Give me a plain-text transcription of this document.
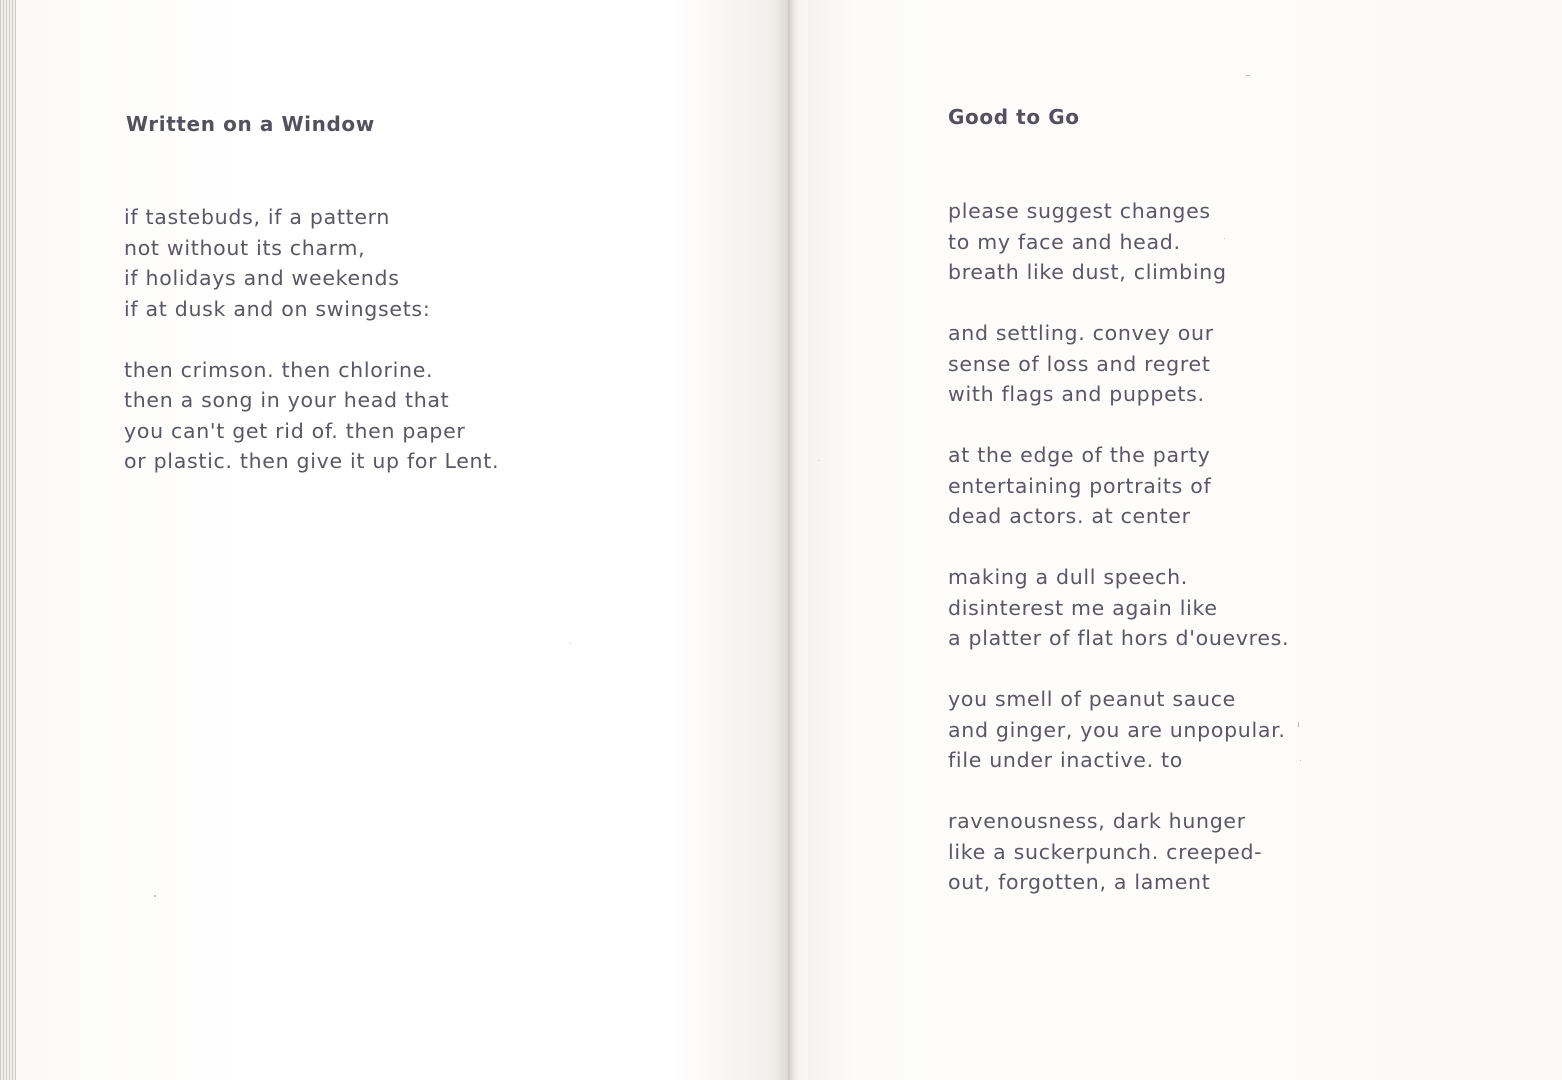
Written on a Window
if tastebuds, if a pattern
not without its charm,
if holidays and weekends
if at dusk and on swingsets:
then crimson. then chlorine.
then a song in your head that
you can't get rid of. then paper
or plastic. then give it up for Lent.
Good to Go
please suggest changes
to my face and head.
breath like dust, climbing
and settling. convey our
sense of loss and regret
with flags and puppets.
at the edge of the party
entertaining portraits of
dead actors. at center
making a dull speech.
disinterest me again like
a platter of flat hors d'ouevres.
you smell of peanut sauce
and ginger, you are unpopular.
file under inactive. to
ravenousness, dark hunger
like a suckerpunch. creeped-
out, forgotten, a lament
